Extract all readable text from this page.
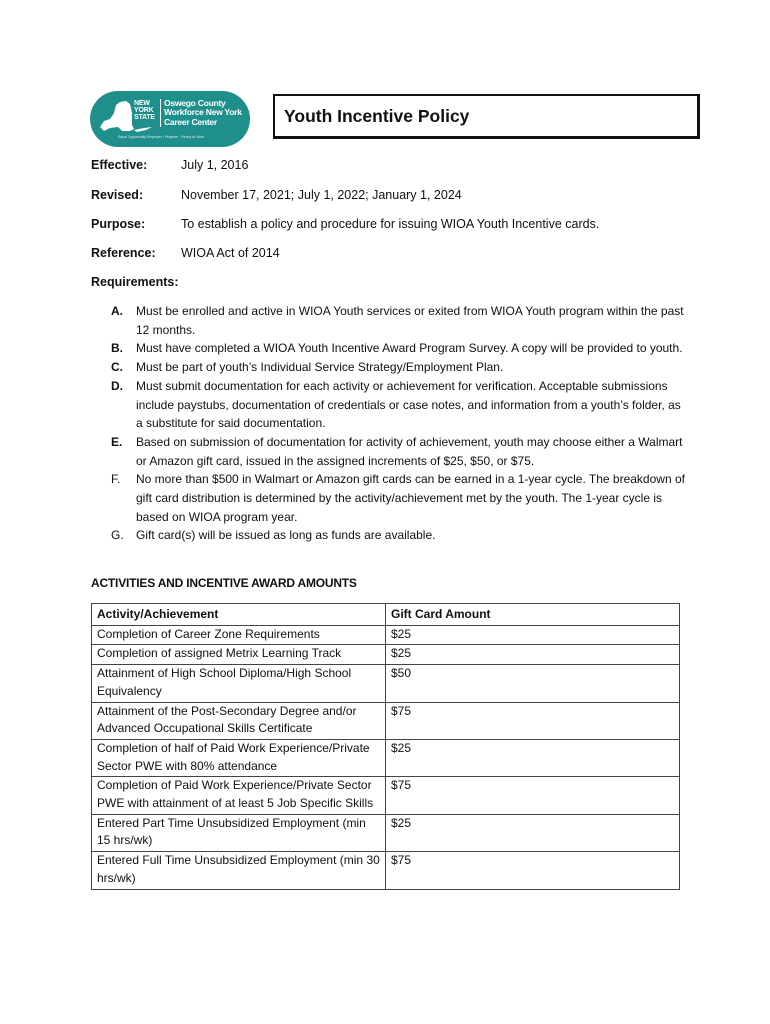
NEW
YORK
STATE
Oswego County
Workforce New York
Career Center
Equal Opportunity Employer / Program · Ready to Work
Youth Incentive Policy
Effective:	July 1, 2016
Revised:	November 17, 2021; July 1, 2022; January 1, 2024
Purpose:	To establish a policy and procedure for issuing WIOA Youth Incentive cards.
Reference: WIOA Act of 2014
Requirements:
A. Must be enrolled and active in WIOA Youth services or exited from WIOA Youth program within the past 12 months.
B. Must have completed a WIOA Youth Incentive Award Program Survey. A copy will be provided to youth.
C. Must be part of youth’s Individual Service Strategy/Employment Plan.
D. Must submit documentation for each activity or achievement for verification. Acceptable submissions include paystubs, documentation of credentials or case notes, and information from a youth’s folder, as a substitute for said documentation.
E. Based on submission of documentation for activity of achievement, youth may choose either a Walmart or Amazon gift card, issued in the assigned increments of $25, $50, or $75.
F. No more than $500 in Walmart or Amazon gift cards can be earned in a 1-year cycle. The breakdown of gift card distribution is determined by the activity/achievement met by the youth. The 1-year cycle is based on WIOA program year.
G. Gift card(s) will be issued as long as funds are available.
ACTIVITIES AND INCENTIVE AWARD AMOUNTS
Activity/Achievement	Gift Card Amount
Completion of Career Zone Requirements	$25
Completion of assigned Metrix Learning Track	$25
Attainment of High School Diploma/High School Equivalency	$50
Attainment of the Post-Secondary Degree and/or Advanced Occupational Skills Certificate	$75
Completion of half of Paid Work Experience/Private Sector PWE with 80% attendance	$25
Completion of Paid Work Experience/Private Sector PWE with attainment of at least 5 Job Specific Skills	$75
Entered Part Time Unsubsidized Employment (min 15 hrs/wk)	$25
Entered Full Time Unsubsidized Employment (min 30 hrs/wk)	$75
